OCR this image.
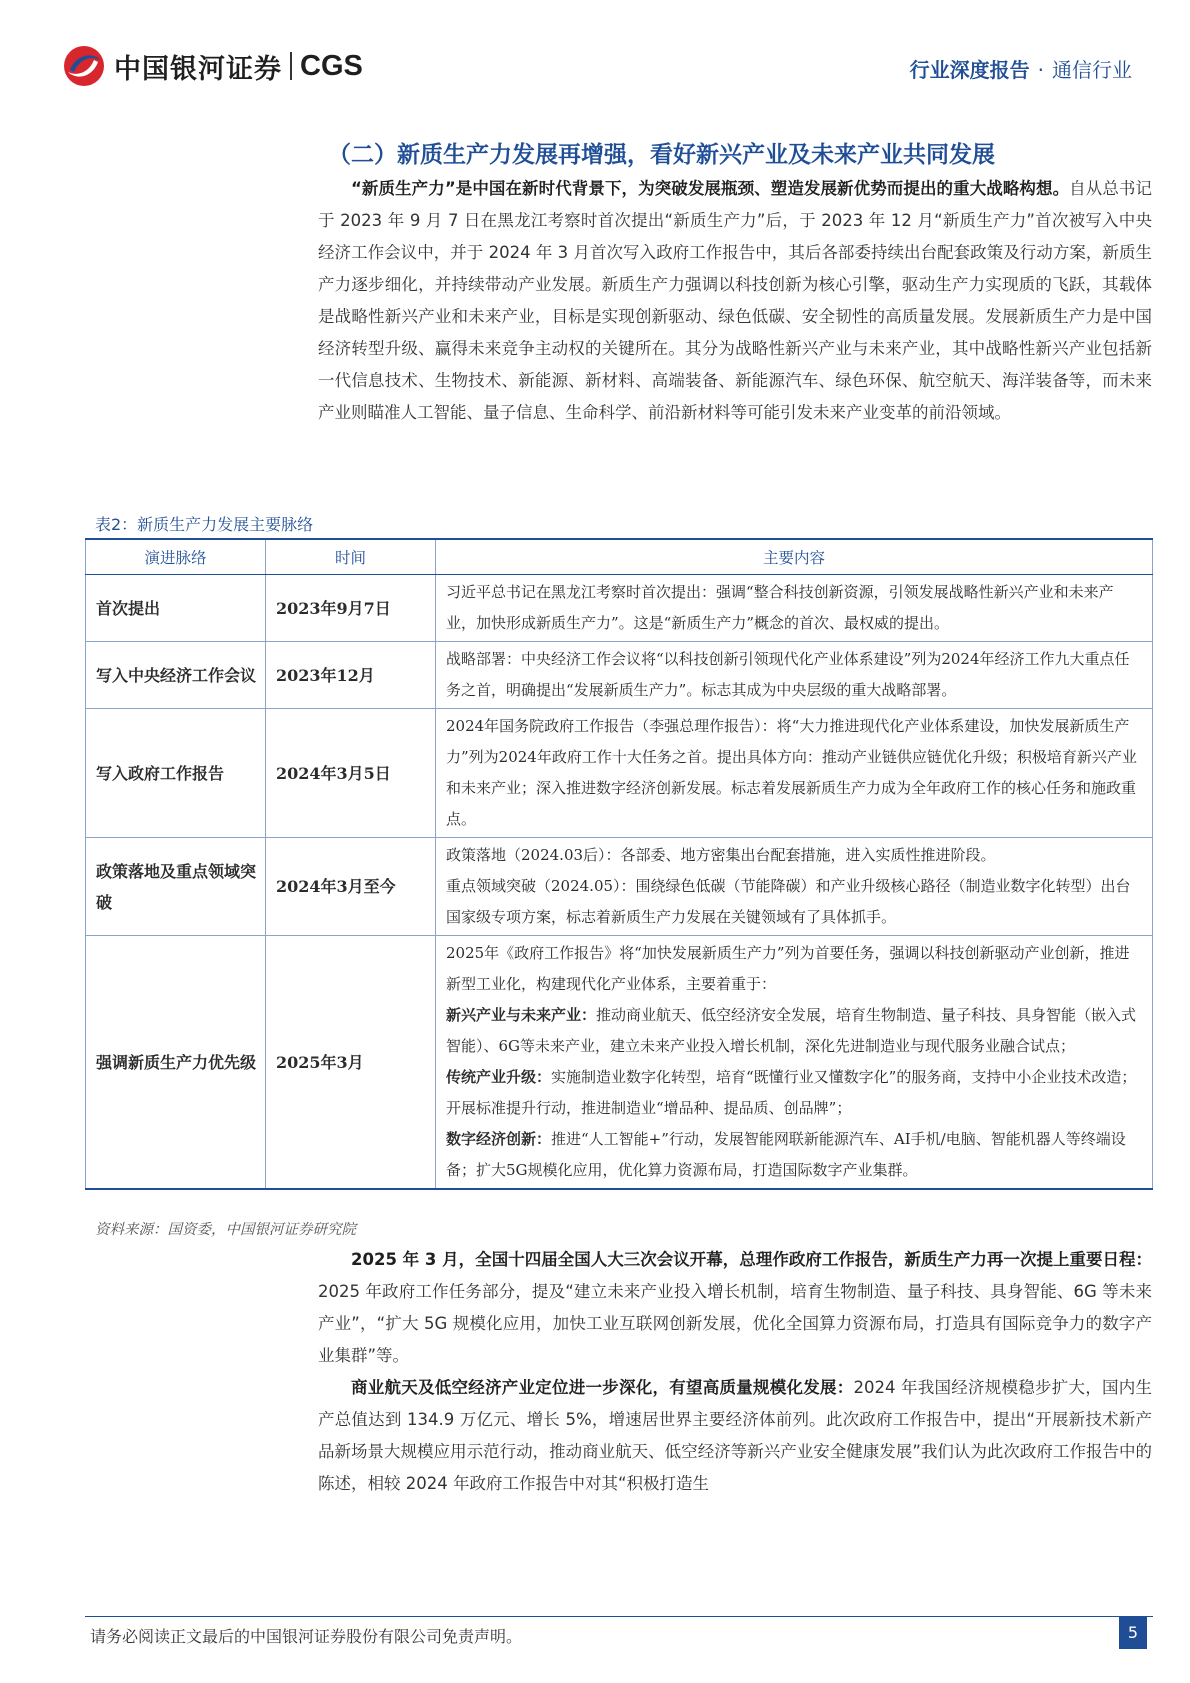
中国银河证券 CGS	行业深度报告 · 通信行业
（二）新质生产力发展再增强，看好新兴产业及未来产业共同发展

“新质生产力”是中国在新时代背景下，为突破发展瓶颈、塑造发展新优势而提出的重大战略构想。自从总书记于 2023 年 9 月 7 日在黑龙江考察时首次提出“新质生产力”后，于 2023 年 12 月“新质生产力”首次被写入中央经济工作会议中，并于 2024 年 3 月首次写入政府工作报告中，其后各部委持续出台配套政策及行动方案，新质生产力逐步细化，并持续带动产业发展。新质生产力强调以科技创新为核心引擎，驱动生产力实现质的飞跃，其载体是战略性新兴产业和未来产业，目标是实现创新驱动、绿色低碳、安全韧性的高质量发展。发展新质生产力是中国经济转型升级、赢得未来竞争主动权的关键所在。其分为战略性新兴产业与未来产业，其中战略性新兴产业包括新一代信息技术、生物技术、新能源、新材料、高端装备、新能源汽车、绿色环保、航空航天、海洋装备等，而未来产业则瞄准人工智能、量子信息、生命科学、前沿新材料等可能引发未来产业变革的前沿领域。

表2：新质生产力发展主要脉络
演进脉络	时间	主要内容
首次提出	2023年9月7日	习近平总书记在黑龙江考察时首次提出：强调“整合科技创新资源，引领发展战略性新兴产业和未来产业，加快形成新质生产力”。这是“新质生产力”概念的首次、最权威的提出。
写入中央经济工作会议	2023年12月	战略部署：中央经济工作会议将“以科技创新引领现代化产业体系建设”列为2024年经济工作九大重点任务之首，明确提出“发展新质生产力”。标志其成为中央层级的重大战略部署。
写入政府工作报告	2024年3月5日	2024年国务院政府工作报告（李强总理作报告）：将“大力推进现代化产业体系建设，加快发展新质生产力”列为2024年政府工作十大任务之首。提出具体方向：推动产业链供应链优化升级；积极培育新兴产业和未来产业；深入推进数字经济创新发展。标志着发展新质生产力成为全年政府工作的核心任务和施政重点。
政策落地及重点领域突破	2024年3月至今	政策落地（2024.03后）：各部委、地方密集出台配套措施，进入实质性推进阶段。
重点领域突破（2024.05）：围绕绿色低碳（节能降碳）和产业升级核心路径（制造业数字化转型）出台国家级专项方案，标志着新质生产力发展在关键领域有了具体抓手。

强调新质生产力优先级	2025年3月	2025年《政府工作报告》将“加快发展新质生产力”列为首要任务，强调以科技创新驱动产业创新，推进新型工业化，构建现代化产业体系，主要着重于：
新兴产业与未来产业：推动商业航天、低空经济安全发展，培育生物制造、量子科技、具身智能（嵌入式智能）、6G等未来产业，建立未来产业投入增长机制，深化先进制造业与现代服务业融合试点；
传统产业升级：实施制造业数字化转型，培育“既懂行业又懂数字化”的服务商，支持中小企业技术改造；开展标准提升行动，推进制造业“增品种、提品质、创品牌”；
数字经济创新：推进“人工智能+”行动，发展智能网联新能源汽车、AI手机/电脑、智能机器人等终端设备；扩大5G规模化应用，优化算力资源布局，打造国际数字产业集群。
资料来源：国资委，中国银河证券研究院

2025 年 3 月，全国十四届全国人大三次会议开幕，总理作政府工作报告，新质生产力再一次提上重要日程：2025 年政府工作任务部分，提及“建立未来产业投入增长机制，培育生物制造、量子科技、具身智能、6G 等未来产业”，“扩大 5G 规模化应用，加快工业互联网创新发展，优化全国算力资源布局，打造具有国际竞争力的数字产业集群”等。

商业航天及低空经济产业定位进一步深化，有望高质量规模化发展：2024 年我国经济规模稳步扩大，国内生产总值达到 134.9 万亿元、增长 5%，增速居世界主要经济体前列。此次政府工作报告中，提出“开展新技术新产品新场景大规模应用示范行动，推动商业航天、低空经济等新兴产业安全健康发展”我们认为此次政府工作报告中的陈述，相较 2024 年政府工作报告中对其“积极打造生

请务必阅读正文最后的中国银河证券股份有限公司免责声明。	5
